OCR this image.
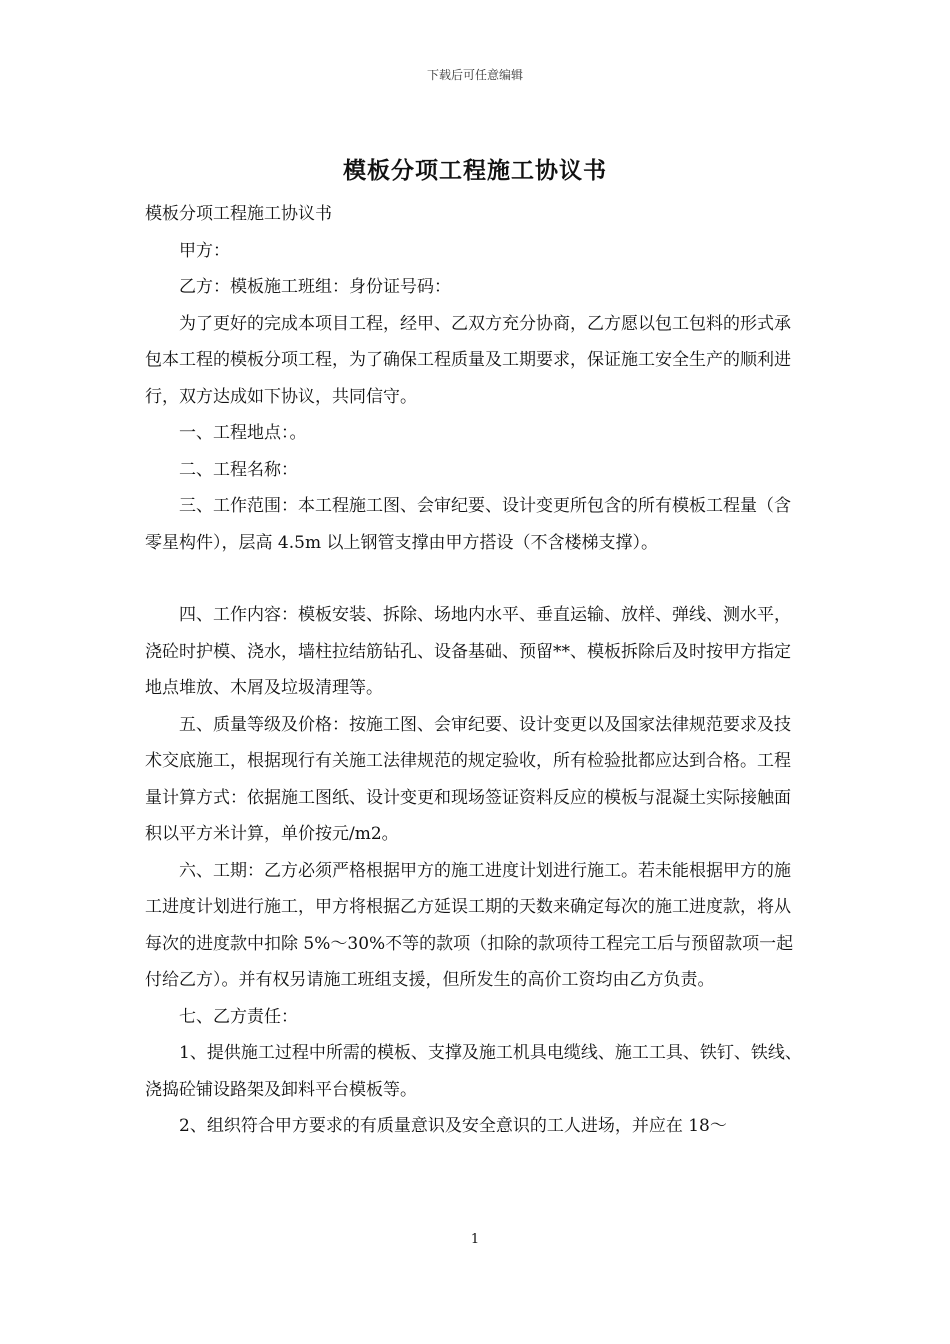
下载后可任意编辑
模板分项工程施工协议书

模板分项工程施工协议书

甲方：

乙方：模板施工班组：身份证号码：

为了更好的完成本项目工程，经甲、乙双方充分协商，乙方愿以包工包料的形式承包本工程的模板分项工程，为了确保工程质量及工期要求，保证施工安全生产的顺利进行，双方达成如下协议，共同信守。

一、工程地点：。

二、工程名称：

三、工作范围：本工程施工图、会审纪要、设计变更所包含的所有模板工程量（含零星构件），层高 4.5m 以上钢管支撑由甲方搭设（不含楼梯支撑）。

四、工作内容：模板安装、拆除、场地内水平、垂直运输、放样、弹线、测水平，浇砼时护模、浇水，墙柱拉结筋钻孔、设备基础、预留**、模板拆除后及时按甲方指定地点堆放、木屑及垃圾清理等。

五、质量等级及价格：按施工图、会审纪要、设计变更以及国家法律规范要求及技术交底施工，根据现行有关施工法律规范的规定验收，所有检验批都应达到合格。工程量计算方式：依据施工图纸、设计变更和现场签证资料反应的模板与混凝土实际接触面积以平方米计算，单价按元/m2。

六、工期：乙方必须严格根据甲方的施工进度计划进行施工。若未能根据甲方的施工进度计划进行施工，甲方将根据乙方延误工期的天数来确定每次的施工进度款，将从每次的进度款中扣除 5%～30%不等的款项（扣除的款项待工程完工后与预留款项一起付给乙方）。并有权另请施工班组支援，但所发生的高价工资均由乙方负责。

七、乙方责任：

1、提供施工过程中所需的模板、支撑及施工机具电缆线、施工工具、铁钉、铁线、浇捣砼铺设路架及卸料平台模板等。

2、组织符合甲方要求的有质量意识及安全意识的工人进场，并应在 18～

1
